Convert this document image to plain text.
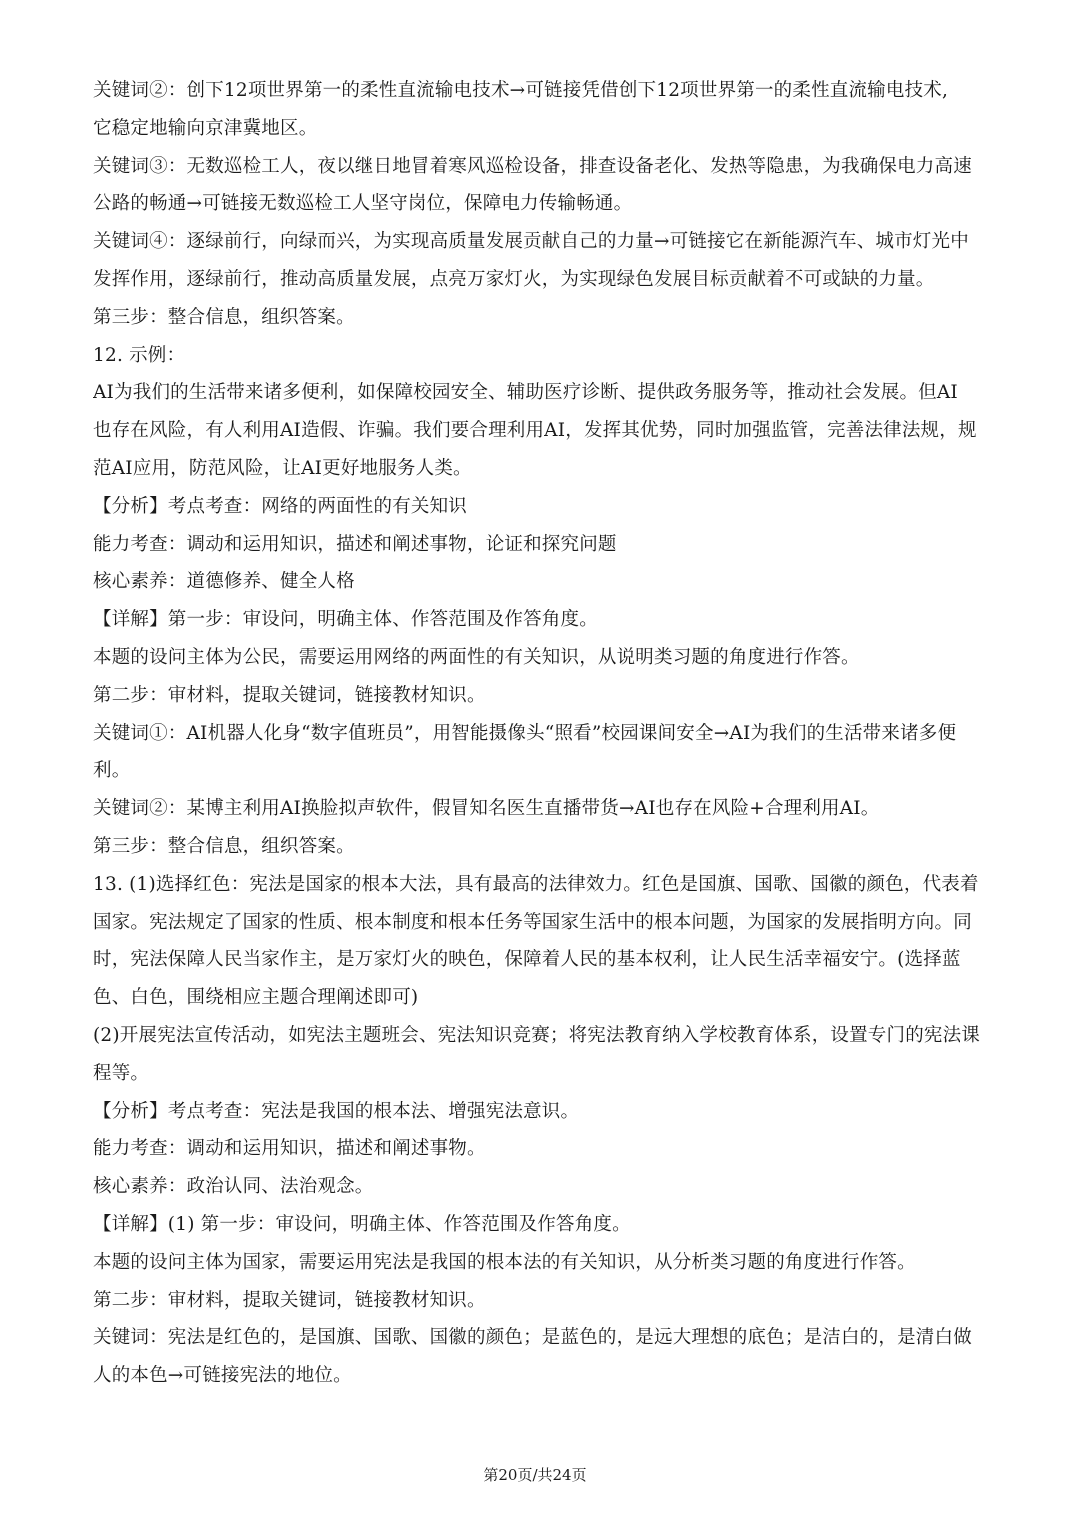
关键词②：创下12项世界第一的柔性直流输电技术→可链接凭借创下12项世界第一的柔性直流输电技术,
它稳定地输向京津冀地区。
关键词③：无数巡检工人，夜以继日地冒着寒风巡检设备，排查设备老化、发热等隐患，为我确保电力高速
公路的畅通→可链接无数巡检工人坚守岗位，保障电力传输畅通。
关键词④：逐绿前行，向绿而兴，为实现高质量发展贡献自己的力量→可链接它在新能源汽车、城市灯光中
发挥作用，逐绿前行，推动高质量发展，点亮万家灯火，为实现绿色发展目标贡献着不可或缺的力量。
第三步：整合信息，组织答案。
12. 示例：
AI为我们的生活带来诸多便利，如保障校园安全、辅助医疗诊断、提供政务服务等，推动社会发展。但AI
也存在风险，有人利用AI造假、诈骗。我们要合理利用AI，发挥其优势，同时加强监管，完善法律法规，规
范AI应用，防范风险，让AI更好地服务人类。
【分析】考点考查：网络的两面性的有关知识
能力考查：调动和运用知识，描述和阐述事物，论证和探究问题
核心素养：道德修养、健全人格
【详解】第一步：审设问，明确主体、作答范围及作答角度。
本题的设问主体为公民，需要运用网络的两面性的有关知识，从说明类习题的角度进行作答。
第二步：审材料，提取关键词，链接教材知识。
关键词①：AI机器人化身“数字值班员”，用智能摄像头“照看”校园课间安全→AI为我们的生活带来诸多便
利。
关键词②：某博主利用AI换脸拟声软件，假冒知名医生直播带货→AI也存在风险+合理利用AI。
第三步：整合信息，组织答案。
13. (1)选择红色：宪法是国家的根本大法，具有最高的法律效力。红色是国旗、国歌、国徽的颜色，代表着
国家。宪法规定了国家的性质、根本制度和根本任务等国家生活中的根本问题，为国家的发展指明方向。同
时，宪法保障人民当家作主，是万家灯火的映色，保障着人民的基本权利，让人民生活幸福安宁。(选择蓝
色、白色，围绕相应主题合理阐述即可)
(2)开展宪法宣传活动，如宪法主题班会、宪法知识竞赛；将宪法教育纳入学校教育体系，设置专门的宪法课
程等。
【分析】考点考查：宪法是我国的根本法、增强宪法意识。
能力考查：调动和运用知识，描述和阐述事物。
核心素养：政治认同、法治观念。
【详解】(1) 第一步：审设问，明确主体、作答范围及作答角度。
本题的设问主体为国家，需要运用宪法是我国的根本法的有关知识，从分析类习题的角度进行作答。
第二步：审材料，提取关键词，链接教材知识。
关键词：宪法是红色的，是国旗、国歌、国徽的颜色；是蓝色的，是远大理想的底色；是洁白的，是清白做
人的本色→可链接宪法的地位。
第20页/共24页
